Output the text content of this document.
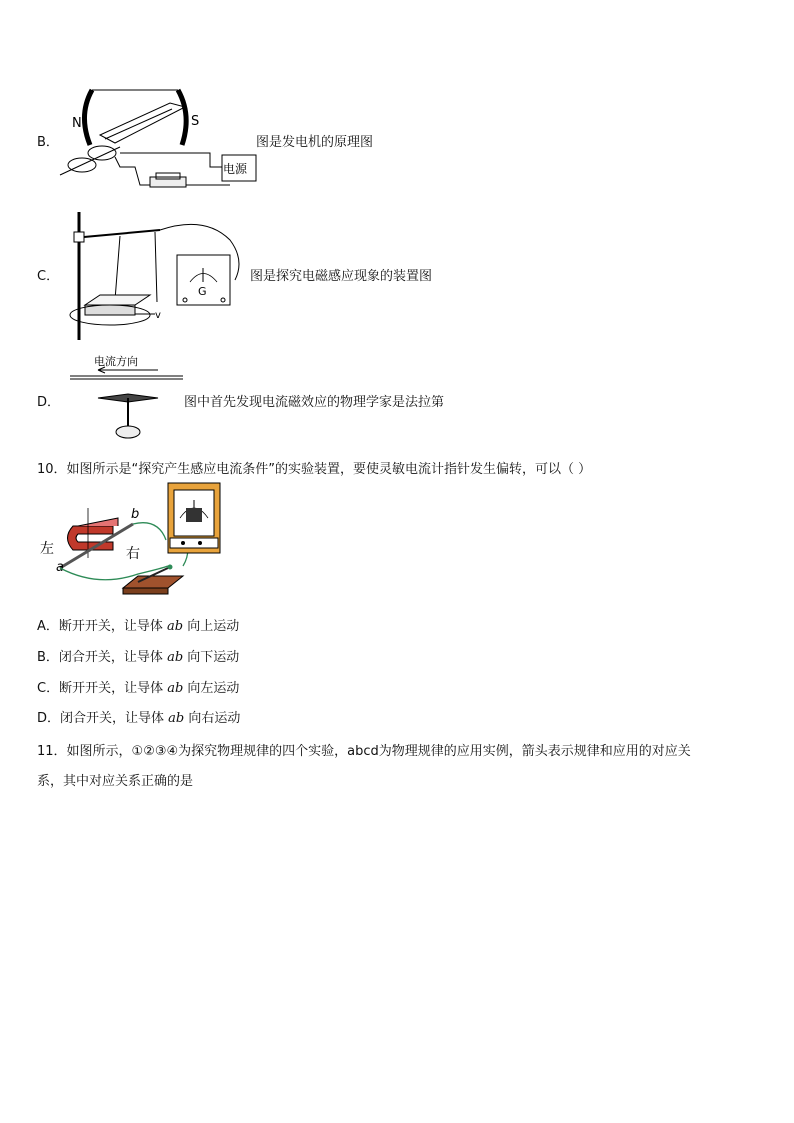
B．
N	S
电源
图是发电机的原理图
C．
v
G
图是探究电磁感应现象的装置图
D．
电流方向
图中首先发现电流磁效应的物理学家是法拉第
10．如图所示是“探究产生感应电流条件”的实验装置，要使灵敏电流计指针发生偏转，可以（ ）
左
b
a
右
A．断开开关，让导体 ab 向上运动
B．闭合开关，让导体 ab 向下运动
C．断开开关，让导体 ab 向左运动
D．闭合开关，让导体 ab 向右运动
11．如图所示，①②③④为探究物理规律的四个实验，abcd为物理规律的应用实例，箭头表示规律和应用的对应关
系，其中对应关系正确的是
